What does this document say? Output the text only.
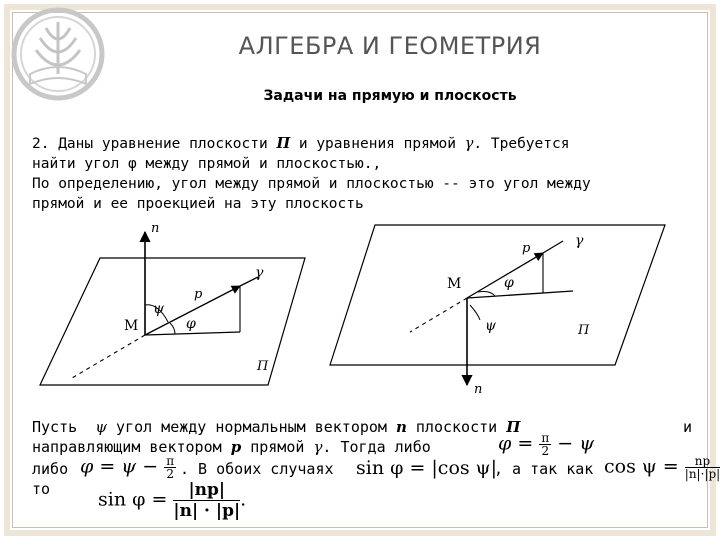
АЛГЕБРА И ГЕОМЕТРИЯ
Задачи на прямую и плоскость
2. Даны уравнение плоскости П и уравнения прямой γ. Требуется
найти угол φ между прямой и плоскостью.,
По определению, угол между прямой и плоскостью -- это угол между
прямой и ее проекцией на эту плоскость
n
γ
p
ψ
M	φ
П
p	γ
M	φ
ψ	П
n
Пусть ψ угол между нормальным вектором n плоскости П	и
направляющим вектором p прямой γ. Тогда либо
либо	. В обоих случаях	, а так как
то
$\varphi = \frac{\pi}{2} - \psi$
$\varphi = \psi - \frac{\pi}{2}$	sin φ = |cos ψ|	$\cos \psi = \frac{np}{|n|\cdot|p|}$
$\sin \varphi = \frac{|np|}{|n| \cdot |p|}$ .
